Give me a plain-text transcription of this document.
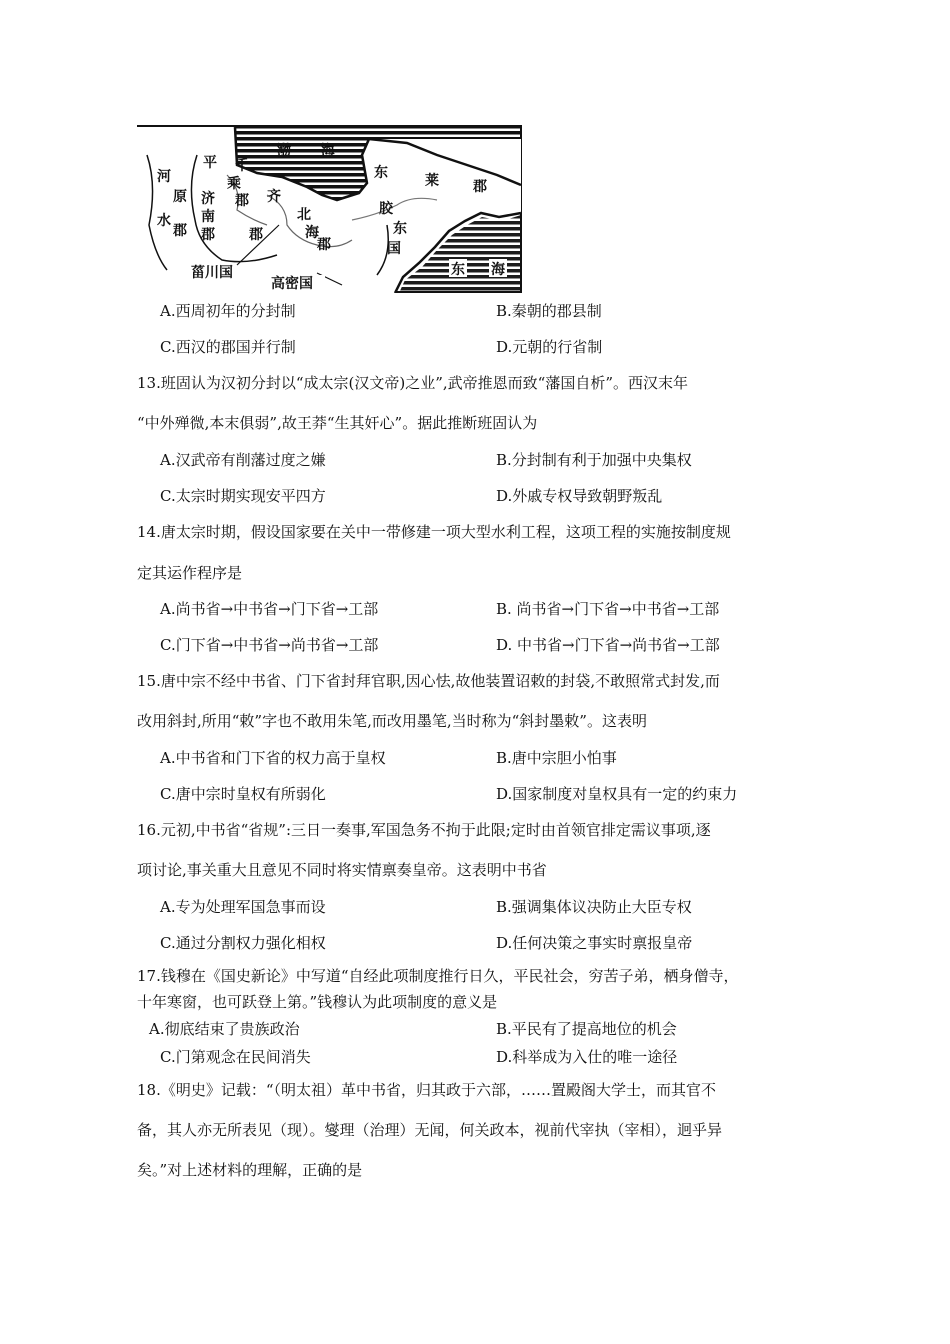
河
原
水
郡
平 千
乘
郡
济
南
郡
齐
郡
渤 海
东	莱 郡
北
海
郡
胶
东
国
菑川国
高密国
东 海
A.西周初年的分封制	B.秦朝的郡县制
C.西汉的郡国并行制	D.元朝的行省制
13.班固认为汉初分封以“成太宗(汉文帝)之业”,武帝推恩而致“藩国自析”。西汉末年
“中外殚微,本末俱弱”,故王莽“生其奸心”。据此推断班固认为
A.汉武帝有削藩过度之嫌	B.分封制有利于加强中央集权
C.太宗时期实现安平四方	D.外戚专权导致朝野叛乱
14.唐太宗时期，假设国家要在关中一带修建一项大型水利工程，这项工程的实施按制度规
定其运作程序是
A.尚书省→中书省→门下省→工部	B. 尚书省→门下省→中书省→工部
C.门下省→中书省→尚书省→工部	D. 中书省→门下省→尚书省→工部
15.唐中宗不经中书省、门下省封拜官职,因心怯,故他装置诏敕的封袋,不敢照常式封发,而
改用斜封,所用“敕”字也不敢用朱笔,而改用墨笔,当时称为“斜封墨敕”。这表明
A.中书省和门下省的权力高于皇权	B.唐中宗胆小怕事
C.唐中宗时皇权有所弱化	D.国家制度对皇权具有一定的约束力
16.元初,中书省“省规”:三日一奏事,军国急务不拘于此限;定时由首领官排定需议事项,逐
项讨论,事关重大且意见不同时将实情禀奏皇帝。这表明中书省
A.专为处理军国急事而设	B.强调集体议决防止大臣专权
C.通过分割权力强化相权	D.任何决策之事实时禀报皇帝
17.钱穆在《国史新论》中写道“自经此项制度推行日久，平民社会，穷苦子弟，栖身僧寺，
十年寒窗，也可跃登上第。”钱穆认为此项制度的意义是
A.彻底结束了贵族政治	B.平民有了提高地位的机会
C.门第观念在民间消失	D.科举成为入仕的唯一途径
18.《明史》记载：“（明太祖）革中书省，归其政于六部，……置殿阁大学士，而其官不
备，其人亦无所表见（现）。燮理（治理）无闻，何关政本，视前代宰执（宰相），迥乎异
矣。”对上述材料的理解，正确的是
